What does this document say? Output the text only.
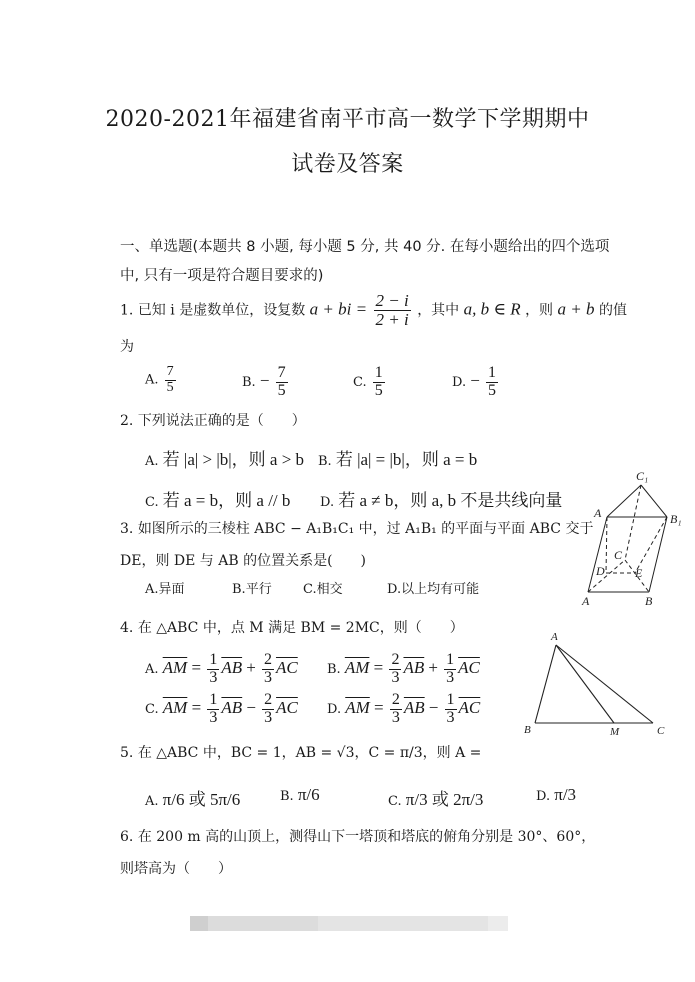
2020-2021年福建省南平市高一数学下学期期中
试卷及答案
一、单选题(本题共 8 小题, 每小题 5 分, 共 40 分. 在每小题给出的四个选项
中, 只有一项是符合题目要求的)
1. 已知 i 是虚数单位，设复数 a + bi = $\frac{2 - i}{2 + i}$ ，其中 a, b ∈ R ，则 a + b 的值
为
A. $\frac{7}{5}$	B. − $\frac{7}{5}$	C. $\frac{1}{5}$	D. − $\frac{1}{5}$
2. 下列说法正确的是（　　）
A. 若 |a| > |b|，则 a > b B. 若 |a| = |b|，则 a = b
C. 若 a = b，则 a // b D. 若 a ≠ b，则 a, b 不是共线向量
3. 如图所示的三棱柱 ABC − A₁B₁C₁ 中，过 A₁B₁ 的平面与平面 ABC 交于
DE，则 DE 与 AB 的位置关系是(　　)
A.异面	B.平行 C.相交	D.以上均有可能
C₁
A	B₁
C
D	E
A	B
4. 在 △ABC 中，点 M 满足 BM = 2MC，则（　　）
A. $\overline{AM} = \frac{1}{3} \overline{AB} + \frac{2}{3} \overline{AC}$ B. $\overline{AM} = \frac{2}{3} \overline{AB} + \frac{1}{3} \overline{AC}$
C. $\overline{AM} = \frac{1}{3} \overline{AB} - \frac{2}{3} \overline{AC}$ D. $\overline{AM} = \frac{2}{3} \overline{AB} - \frac{1}{3} \overline{AC}$
A
B	M	C
5. 在 △ABC 中，BC = 1，AB = √3，C = π/3，则 A =
A. π/6 或 5π/6	B. π/6	C. π/3 或 2π/3	D. π/3
6. 在 200 m 高的山顶上，测得山下一塔顶和塔底的俯角分别是 30°、60°，
则塔高为（　　）
